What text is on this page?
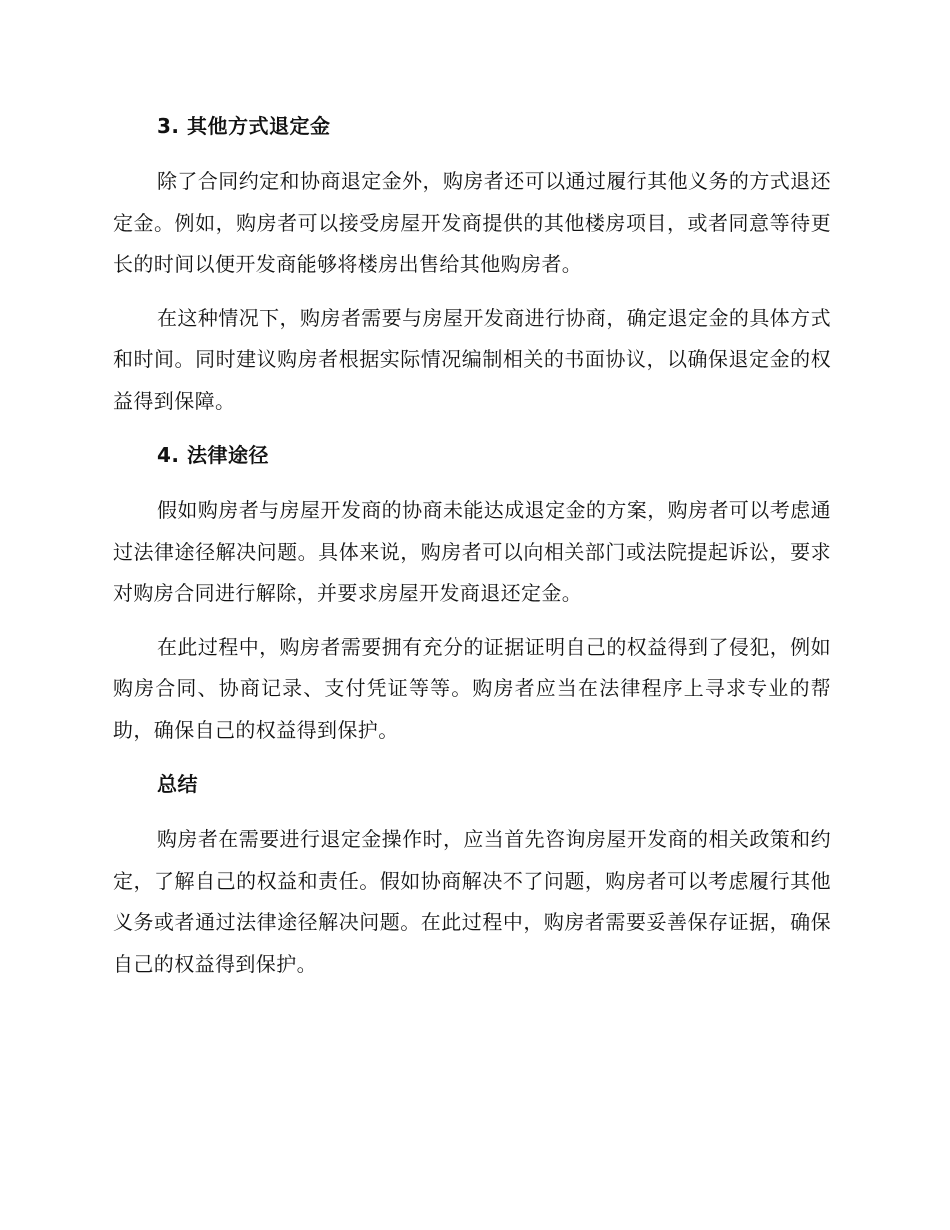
3. 其他方式退定金

除了合同约定和协商退定金外，购房者还可以通过履行其他义务的方式退还定金。例如，购房者可以接受房屋开发商提供的其他楼房项目，或者同意等待更长的时间以便开发商能够将楼房出售给其他购房者。

在这种情况下，购房者需要与房屋开发商进行协商，确定退定金的具体方式和时间。同时建议购房者根据实际情况编制相关的书面协议，以确保退定金的权益得到保障。

4. 法律途径

假如购房者与房屋开发商的协商未能达成退定金的方案，购房者可以考虑通过法律途径解决问题。具体来说，购房者可以向相关部门或法院提起诉讼，要求对购房合同进行解除，并要求房屋开发商退还定金。

在此过程中，购房者需要拥有充分的证据证明自己的权益得到了侵犯，例如购房合同、协商记录、支付凭证等等。购房者应当在法律程序上寻求专业的帮助，确保自己的权益得到保护。

总结

购房者在需要进行退定金操作时，应当首先咨询房屋开发商的相关政策和约定，了解自己的权益和责任。假如协商解决不了问题，购房者可以考虑履行其他义务或者通过法律途径解决问题。在此过程中，购房者需要妥善保存证据，确保自己的权益得到保护。
